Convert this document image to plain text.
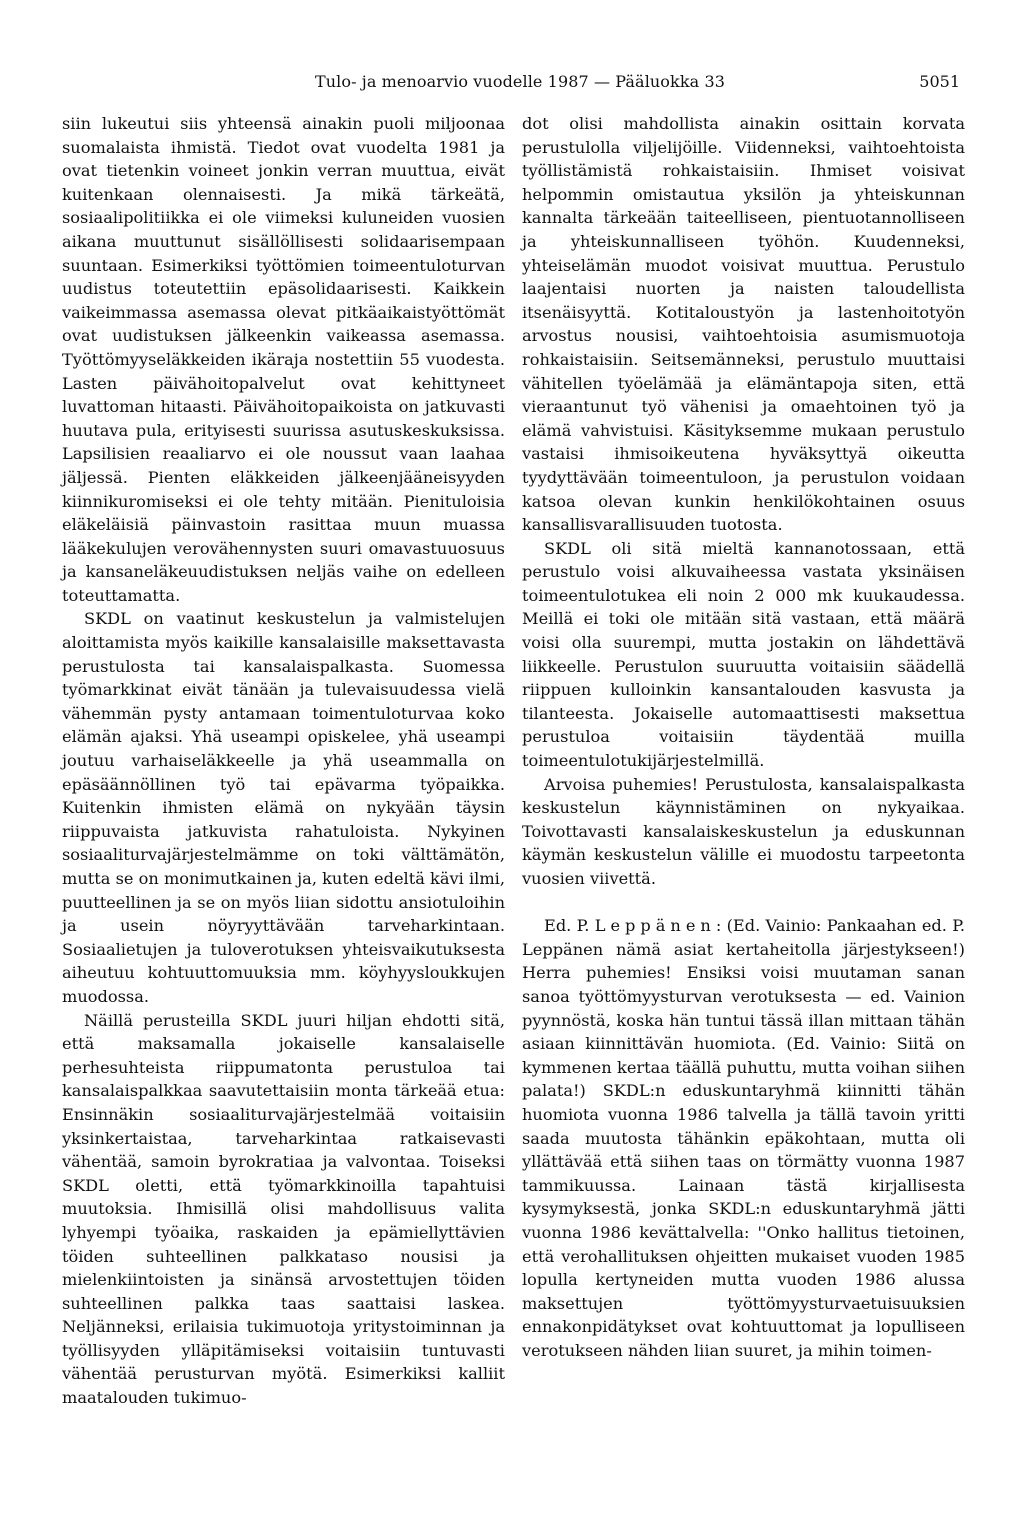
Tulo- ja menoarvio vuodelle 1987 — Pääluokka 33	5051

siin lukeutui siis yhteensä ainakin puoli miljoonaa suomalaista ihmistä. Tiedot ovat vuodelta 1981 ja ovat tietenkin voineet jonkin verran muuttua, eivät kuitenkaan olennaisesti. Ja mikä tärkeätä, sosiaalipolitiikka ei ole viimeksi kuluneiden vuosien aikana muuttunut sisällöllisesti solidaarisempaan suuntaan. Esimerkiksi työttömien toimeentuloturvan uudistus toteutettiin epäsolidaarisesti. Kaikkein vaikeimmassa asemassa olevat pitkäaikaistyöttömät ovat uudistuksen jälkeenkin vaikeassa asemassa. Työttömyyseläkkeiden ikäraja nostettiin 55 vuodesta. Lasten päivähoitopalvelut ovat kehittyneet luvattoman hitaasti. Päivähoitopaikoista on jatkuvasti huutava pula, erityisesti suurissa asutuskeskuksissa. Lapsilisien reaaliarvo ei ole noussut vaan laahaa jäljessä. Pienten eläkkeiden jälkeenjääneisyyden kiinnikuromiseksi ei ole tehty mitään. Pienituloisia eläkeläisiä päinvastoin rasittaa muun muassa lääkekulujen verovähennysten suuri omavastuuosuus ja kansaneläkeuudistuksen neljäs vaihe on edelleen toteuttamatta.

SKDL on vaatinut keskustelun ja valmistelujen aloittamista myös kaikille kansalaisille maksettavasta perustulosta tai kansalaispalkasta. Suomessa työmarkkinat eivät tänään ja tulevaisuudessa vielä vähemmän pysty antamaan toimentuloturvaa koko elämän ajaksi. Yhä useampi opiskelee, yhä useampi joutuu varhaiseläkkeelle ja yhä useammalla on epäsäännöllinen työ tai epävarma työpaikka. Kuitenkin ihmisten elämä on nykyään täysin riippuvaista jatkuvista rahatuloista. Nykyinen sosiaaliturvajärjestelmämme on toki välttämätön, mutta se on monimutkainen ja, kuten edeltä kävi ilmi, puutteellinen ja se on myös liian sidottu ansiotuloihin ja usein nöyryyttävään tarveharkintaan. Sosiaalietujen ja tuloverotuksen yhteisvaikutuksesta aiheutuu kohtuuttomuuksia mm. köyhyysloukkujen muodossa.

Näillä perusteilla SKDL juuri hiljan ehdotti sitä, että maksamalla jokaiselle kansalaiselle perhesuhteista riippumatonta perustuloa tai kansalaispalkkaa saavutettaisiin monta tärkeää etua: Ensinnäkin sosiaaliturvajärjestelmää voitaisiin yksinkertaistaa, tarveharkintaa ratkaisevasti vähentää, samoin byrokratiaa ja valvontaa. Toiseksi SKDL oletti, että työmarkkinoilla tapahtuisi muutoksia. Ihmisillä olisi mahdollisuus valita lyhyempi työaika, raskaiden ja epämiellyttävien töiden suhteellinen palkkataso nousisi ja mielenkiintoisten ja sinänsä arvostettujen töiden suhteellinen palkka taas saattaisi laskea. Neljänneksi, erilaisia tukimuotoja yritystoiminnan ja työllisyyden ylläpitämiseksi voitaisiin tuntuvasti vähentää perusturvan myötä. Esimerkiksi kalliit maatalouden tukimuo-

dot olisi mahdollista ainakin osittain korvata perustulolla viljelijöille. Viidenneksi, vaihtoehtoista työllistämistä rohkaistaisiin. Ihmiset voisivat helpommin omistautua yksilön ja yhteiskunnan kannalta tärkeään taiteelliseen, pientuotannolliseen ja yhteiskunnalliseen työhön. Kuudenneksi, yhteiselämän muodot voisivat muuttua. Perustulo laajentaisi nuorten ja naisten taloudellista itsenäisyyttä. Kotitaloustyön ja lastenhoitotyön arvostus nousisi, vaihtoehtoisia asumismuotoja rohkaistaisiin. Seitsemänneksi, perustulo muuttaisi vähitellen työelämää ja elämäntapoja siten, että vieraantunut työ vähenisi ja omaehtoinen työ ja elämä vahvistuisi. Käsityksemme mukaan perustulo vastaisi ihmisoikeutena hyväksyttyä oikeutta tyydyttävään toimeentuloon, ja perustulon voidaan katsoa olevan kunkin henkilökohtainen osuus kansallisvarallisuuden tuotosta.

SKDL oli sitä mieltä kannanotossaan, että perustulo voisi alkuvaiheessa vastata yksinäisen toimeentulotukea eli noin 2 000 mk kuukaudessa. Meillä ei toki ole mitään sitä vastaan, että määrä voisi olla suurempi, mutta jostakin on lähdettävä liikkeelle. Perustulon suuruutta voitaisiin säädellä riippuen kulloinkin kansantalouden kasvusta ja tilanteesta. Jokaiselle automaattisesti maksettua perustuloa voitaisiin täydentää muilla toimeentulotukijärjestelmillä.

Arvoisa puhemies! Perustulosta, kansalaispalkasta keskustelun käynnistäminen on nykyaikaa. Toivottavasti kansalaiskeskustelun ja eduskunnan käymän keskustelun välille ei muodostu tarpeetonta vuosien viivettä.

Ed. P. Leppänen: (Ed. Vainio: Pankaahan ed. P. Leppänen nämä asiat kertaheitolla järjestykseen!) Herra puhemies! Ensiksi voisi muutaman sanan sanoa työttömyysturvan verotuksesta — ed. Vainion pyynnöstä, koska hän tuntui tässä illan mittaan tähän asiaan kiinnittävän huomiota. (Ed. Vainio: Siitä on kymmenen kertaa täällä puhuttu, mutta voihan siihen palata!) SKDL:n eduskuntaryhmä kiinnitti tähän huomiota vuonna 1986 talvella ja tällä tavoin yritti saada muutosta tähänkin epäkohtaan, mutta oli yllättävää että siihen taas on törmätty vuonna 1987 tammikuussa. Lainaan tästä kirjallisesta kysymyksestä, jonka SKDL:n eduskuntaryhmä jätti vuonna 1986 kevättalvella: ''Onko hallitus tietoinen, että verohallituksen ohjeitten mukaiset vuoden 1985 lopulla kertyneiden mutta vuoden 1986 alussa maksettujen työttömyysturvaetuisuuksien ennakonpidätykset ovat kohtuuttomat ja lopulliseen verotukseen nähden liian suuret, ja mihin toimen-
